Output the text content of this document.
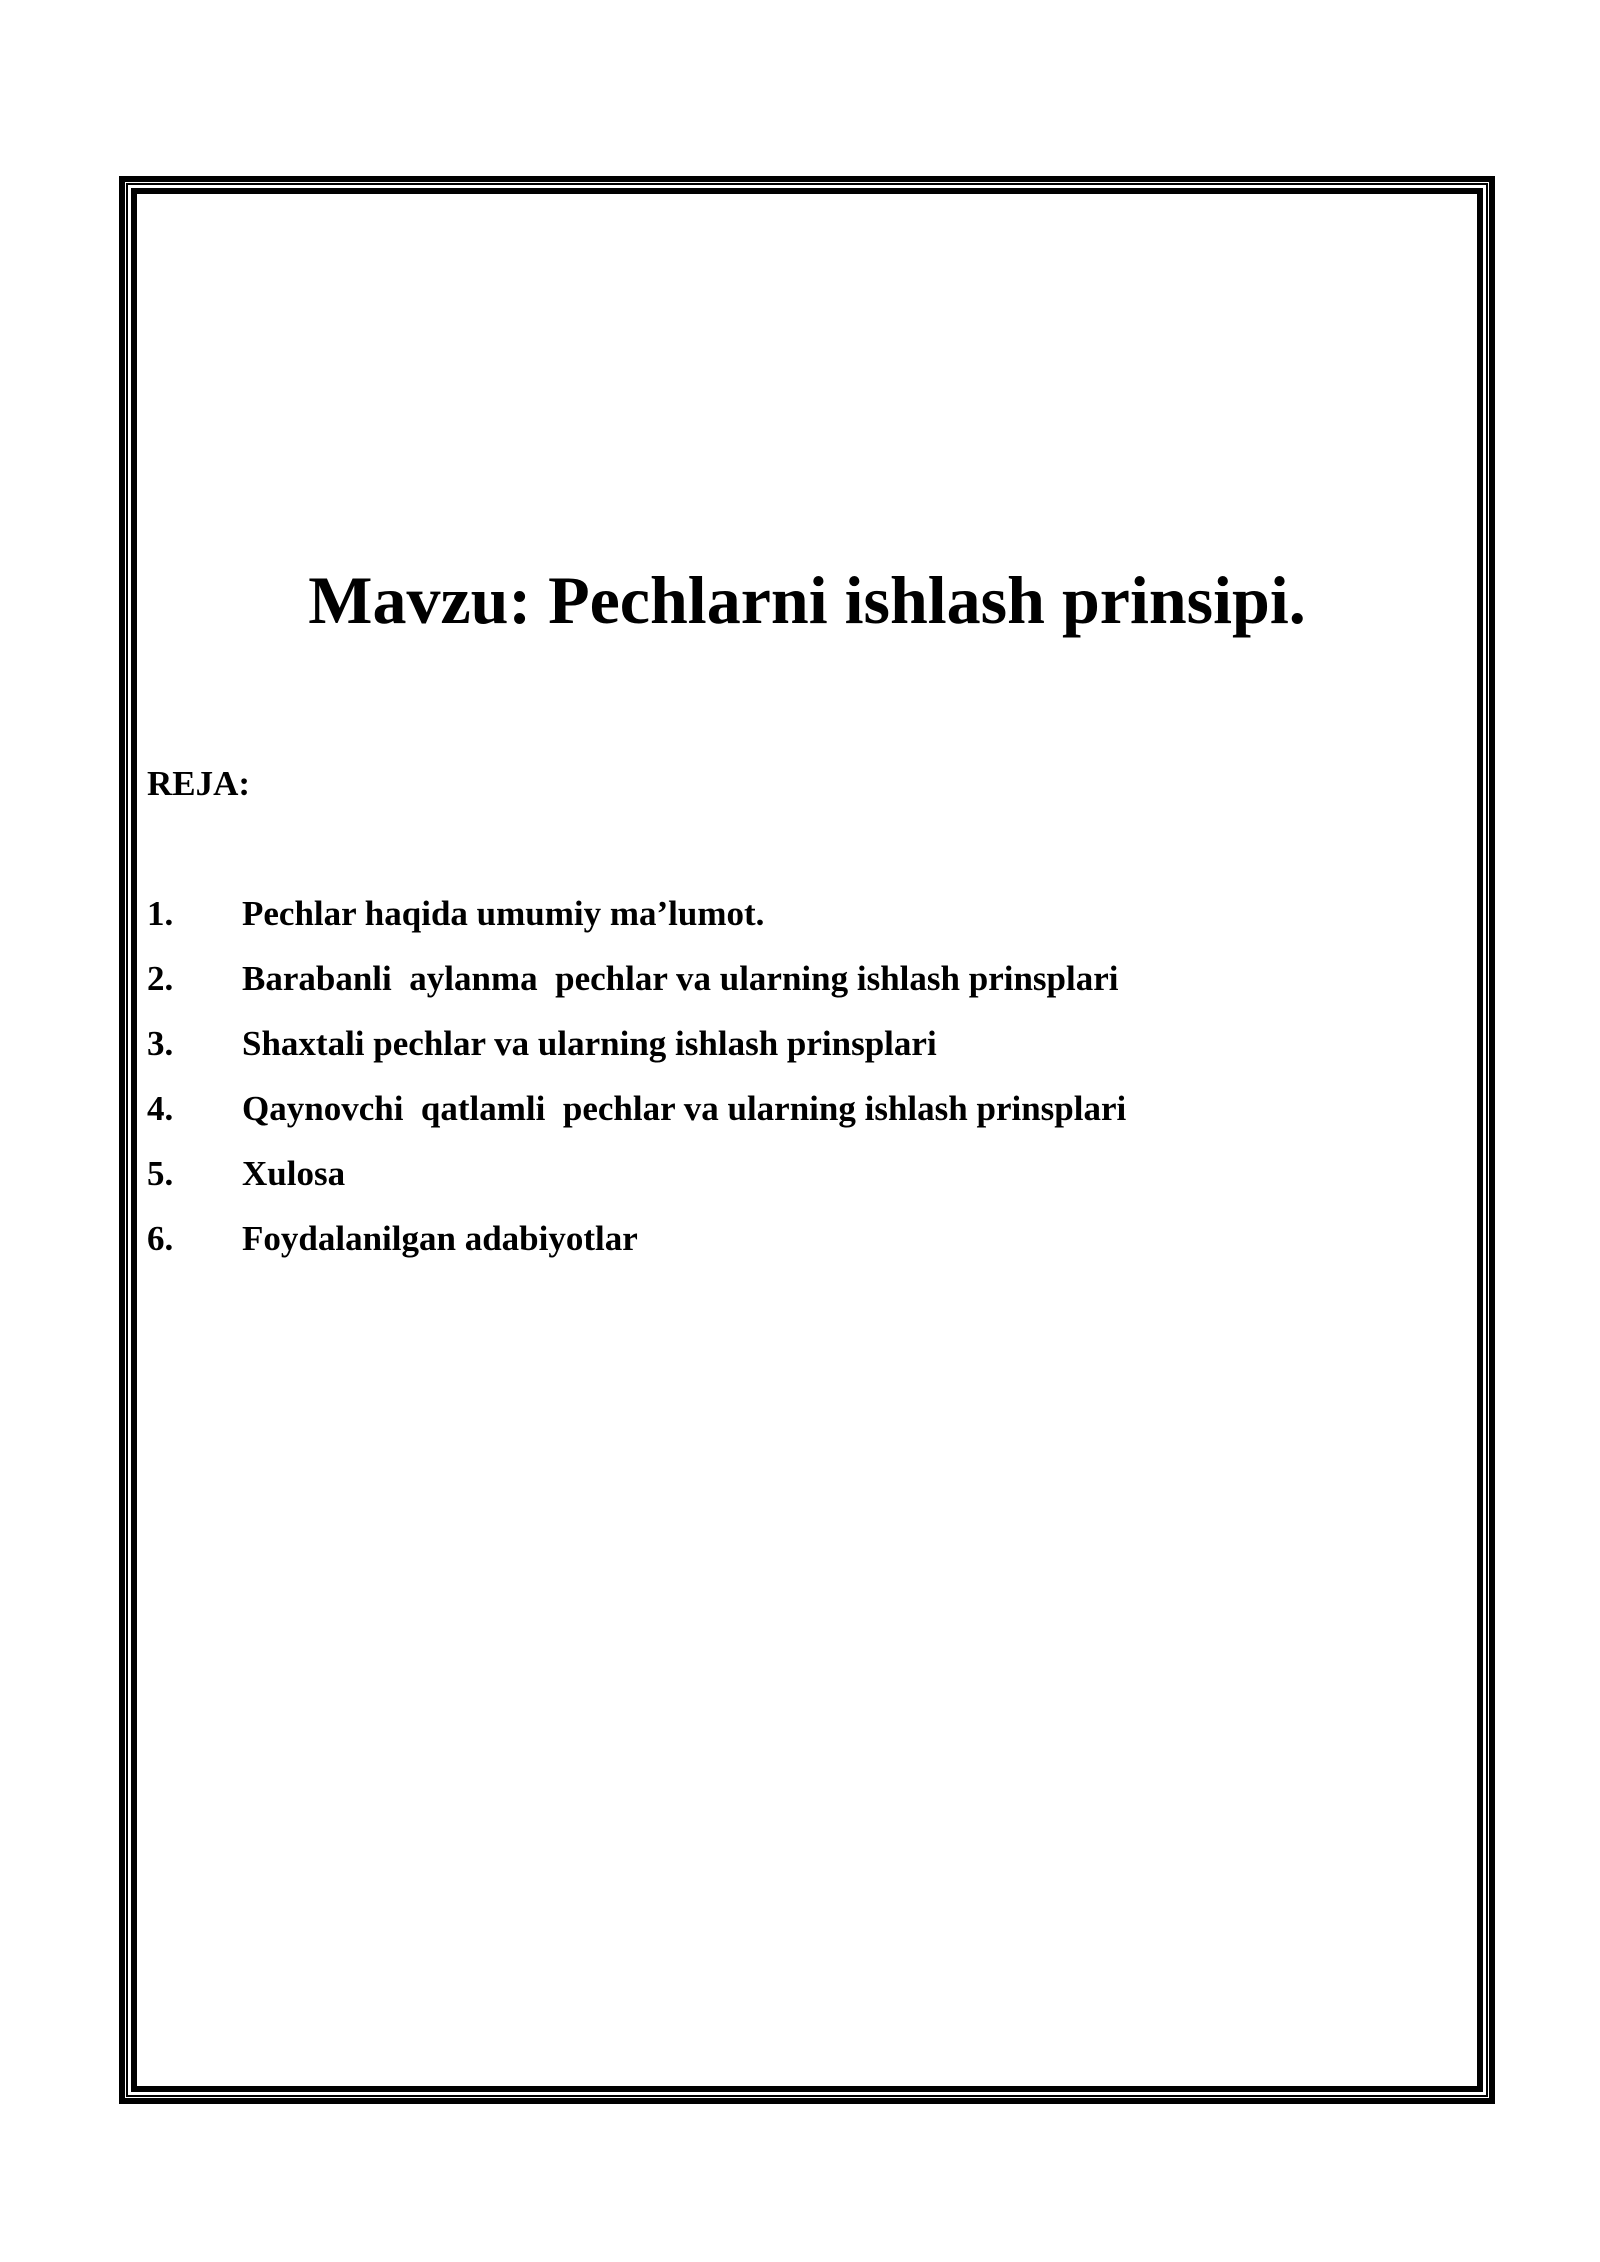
Mavzu: Pechlarni ishlash prinsipi.

REJA:

1.	Pechlar haqida umumiy ma’lumot.
2.	Barabanli  aylanma  pechlar va ularning ishlash prinsplari
3.	Shaxtali pechlar va ularning ishlash prinsplari
4.	Qaynovchi  qatlamli  pechlar va ularning ishlash prinsplari
5.	Xulosa
6.	Foydalanilgan adabiyotlar
